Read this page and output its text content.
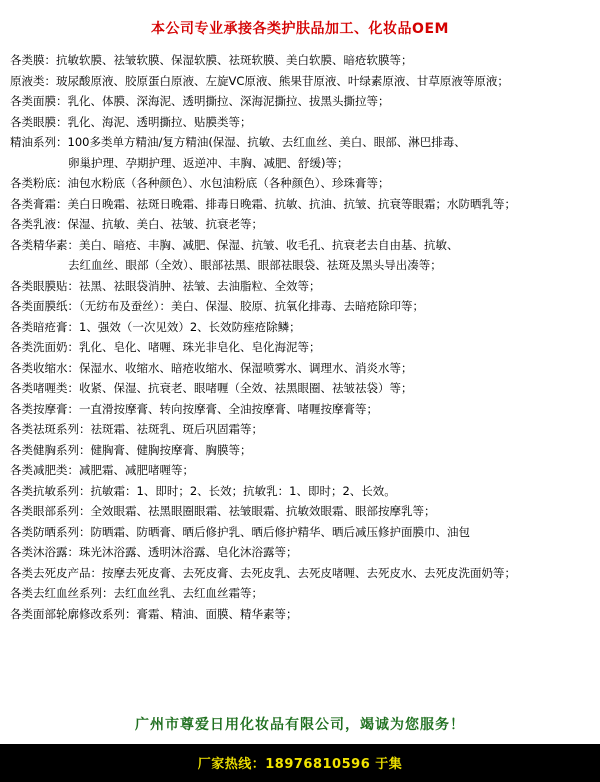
本公司专业承接各类护肤品加工、化妆品OEM
各类膜：抗敏软膜、祛皱软膜、保湿软膜、祛斑软膜、美白软膜、暗疮软膜等；
原液类：玻尿酸原液、胶原蛋白原液、左旋VC原液、熊果苷原液、叶绿素原液、甘草原液等原液；
各类面膜：乳化、体膜、深海泥、透明撕拉、深海泥撕拉、拔黑头撕拉等；
各类眼膜：乳化、海泥、透明撕拉、贴膜类等；
精油系列：100多类单方精油/复方精油(保湿、抗敏、去红血丝、美白、眼部、淋巴排毒、
卵巢护理、孕期护理、返逆冲、丰胸、减肥、舒缓)等；
各类粉底：油包水粉底（各种颜色）、水包油粉底（各种颜色）、珍珠膏等；
各类膏霜：美白日晚霜、祛斑日晚霜、排毒日晚霜、抗敏、抗油、抗皱、抗衰等眼霜；水防晒乳等；
各类乳液：保湿、抗敏、美白、祛皱、抗衰老等；
各类精华素：美白、暗疮、丰胸、减肥、保湿、抗皱、收毛孔、抗衰老去自由基、抗敏、
去红血丝、眼部（全效）、眼部祛黑、眼部祛眼袋、祛斑及黑头导出凑等；
各类眼膜贴：祛黑、祛眼袋消肿、祛皱、去油脂粒、全效等；
各类面膜纸：（无纺布及蚕丝）：美白、保湿、胶原、抗氧化排毒、去暗疮除印等；
各类暗疮膏：1、强效（一次见效）2、长效防痤疮除鳞；
各类洗面奶：乳化、皂化、啫喱、珠光非皂化、皂化海泥等；
各类收缩水：保湿水、收缩水、暗疮收缩水、保湿喷雾水、调理水、消炎水等；
各类啫喱类：收紧、保湿、抗衰老、眼啫喱（全效、祛黑眼圈、祛皱祛袋）等；
各类按摩膏：一直滑按摩膏、转向按摩膏、全油按摩膏、啫喱按摩膏等；
各类祛斑系列：祛斑霜、祛斑乳、斑后巩固霜等；
各类健胸系列：健胸膏、健胸按摩膏、胸膜等；
各类减肥类：减肥霜、减肥啫喱等；
各类抗敏系列：抗敏霜：1、即时；2、长效；抗敏乳：1、即时；2、长效。
各类眼部系列：全效眼霜、祛黑眼圈眼霜、祛皱眼霜、抗敏效眼霜、眼部按摩乳等；
各类防晒系列：防晒霜、防晒膏、晒后修护乳、晒后修护精华、晒后减压修护面膜巾、油包
各类沐浴露：珠光沐浴露、透明沐浴露、皂化沐浴露等；
各类去死皮产品：按摩去死皮膏、去死皮膏、去死皮乳、去死皮啫喱、去死皮水、去死皮洗面奶等；
各类去红血丝系列：去红血丝乳、去红血丝霜等；
各类面部轮廓修改系列：膏霜、精油、面膜、精华素等；
广州市尊爱日用化妆品有限公司，竭诚为您服务！
厂家热线：18976810596 于集
